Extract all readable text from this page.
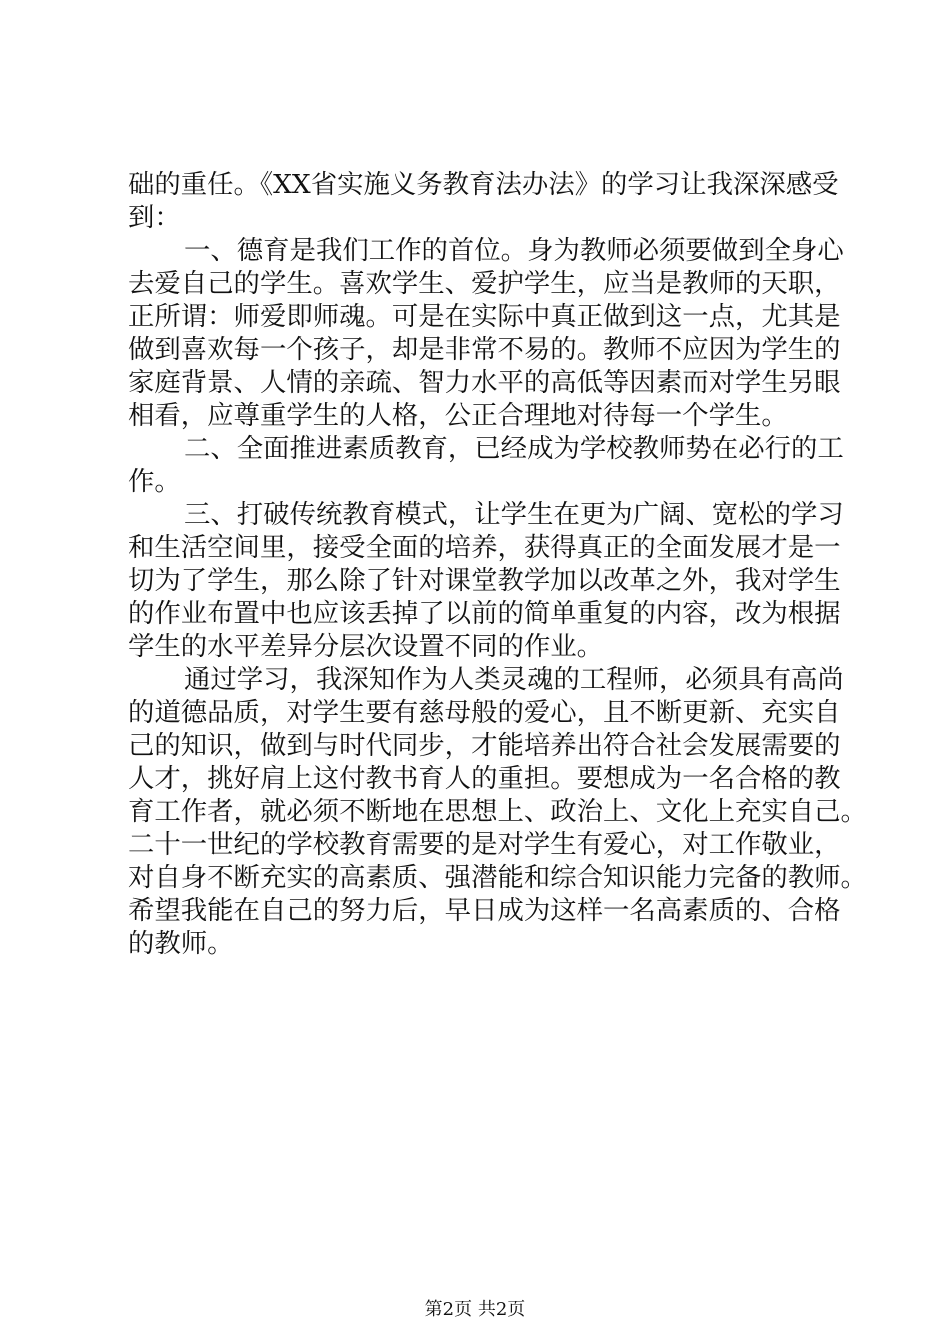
础的重任。《XX省实施义务教育法办法》的学习让我深深感受
到：
一、德育是我们工作的首位。身为教师必须要做到全身心
去爱自己的学生。喜欢学生、爱护学生，应当是教师的天职，
正所谓：师爱即师魂。可是在实际中真正做到这一点，尤其是
做到喜欢每一个孩子，却是非常不易的。教师不应因为学生的
家庭背景、人情的亲疏、智力水平的高低等因素而对学生另眼
相看，应尊重学生的人格，公正合理地对待每一个学生。
二、全面推进素质教育，已经成为学校教师势在必行的工
作。
三、打破传统教育模式，让学生在更为广阔、宽松的学习
和生活空间里，接受全面的培养，获得真正的全面发展才是一
切为了学生，那么除了针对课堂教学加以改革之外，我对学生
的作业布置中也应该丢掉了以前的简单重复的内容，改为根据
学生的水平差异分层次设置不同的作业。
通过学习，我深知作为人类灵魂的工程师，必须具有高尚
的道德品质，对学生要有慈母般的爱心，且不断更新、充实自
己的知识，做到与时代同步，才能培养出符合社会发展需要的
人才，挑好肩上这付教书育人的重担。要想成为一名合格的教
育工作者，就必须不断地在思想上、政治上、文化上充实自己。
二十一世纪的学校教育需要的是对学生有爱心，对工作敬业，
对自身不断充实的高素质、强潜能和综合知识能力完备的教师。
希望我能在自己的努力后，早日成为这样一名高素质的、合格
的教师。
第2页 共2页
